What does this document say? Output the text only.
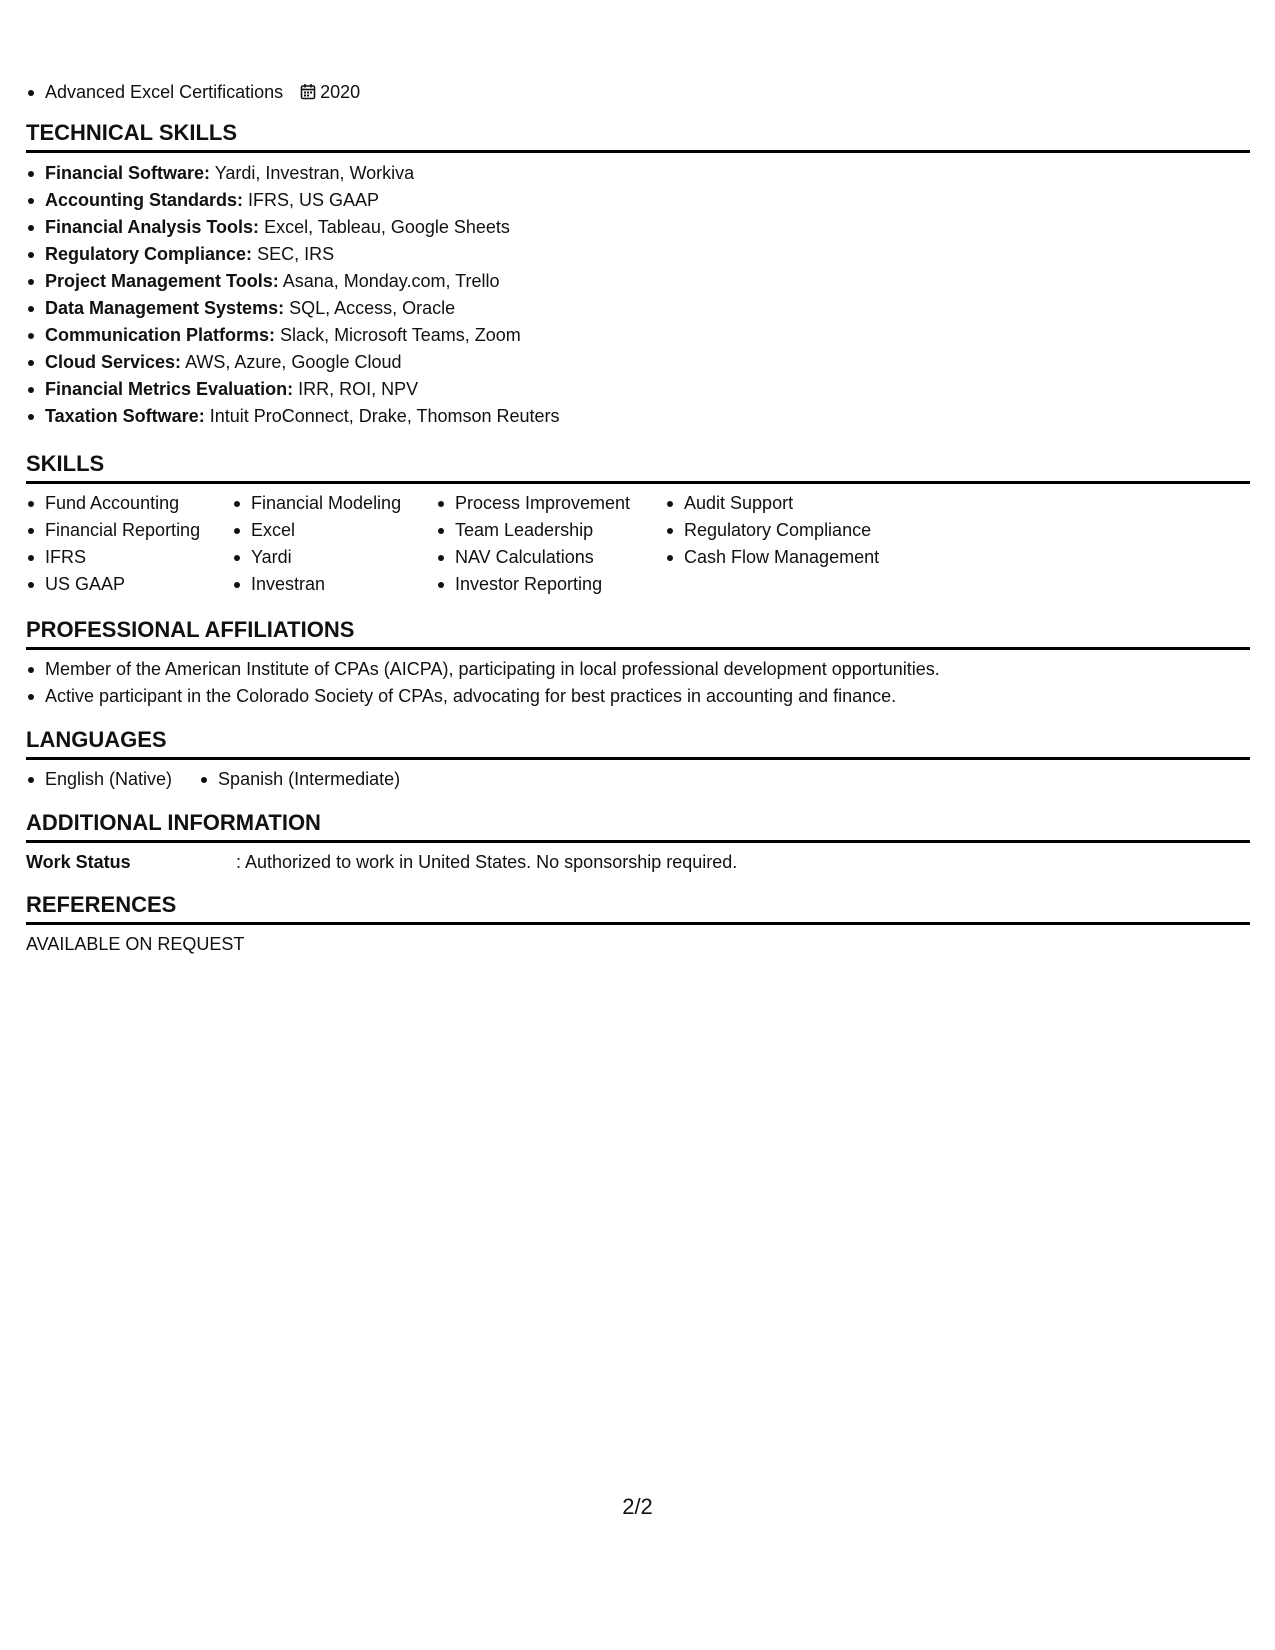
Advanced Excel Certifications 2020
TECHNICAL SKILLS
Financial Software: Yardi, Investran, Workiva
Accounting Standards: IFRS, US GAAP
Financial Analysis Tools: Excel, Tableau, Google Sheets
Regulatory Compliance: SEC, IRS
Project Management Tools: Asana, Monday.com, Trello
Data Management Systems: SQL, Access, Oracle
Communication Platforms: Slack, Microsoft Teams, Zoom
Cloud Services: AWS, Azure, Google Cloud
Financial Metrics Evaluation: IRR, ROI, NPV
Taxation Software: Intuit ProConnect, Drake, Thomson Reuters
SKILLS
Fund Accounting
Financial Reporting
IFRS
US GAAP
Financial Modeling
Excel
Yardi
Investran
Process Improvement
Team Leadership
NAV Calculations
Investor Reporting
Audit Support
Regulatory Compliance
Cash Flow Management
PROFESSIONAL AFFILIATIONS
Member of the American Institute of CPAs (AICPA), participating in local professional development opportunities.
Active participant in the Colorado Society of CPAs, advocating for best practices in accounting and finance.
LANGUAGES
English (Native)	Spanish (Intermediate)
ADDITIONAL INFORMATION
Work Status	: Authorized to work in United States. No sponsorship required.
REFERENCES
AVAILABLE ON REQUEST
2/2
